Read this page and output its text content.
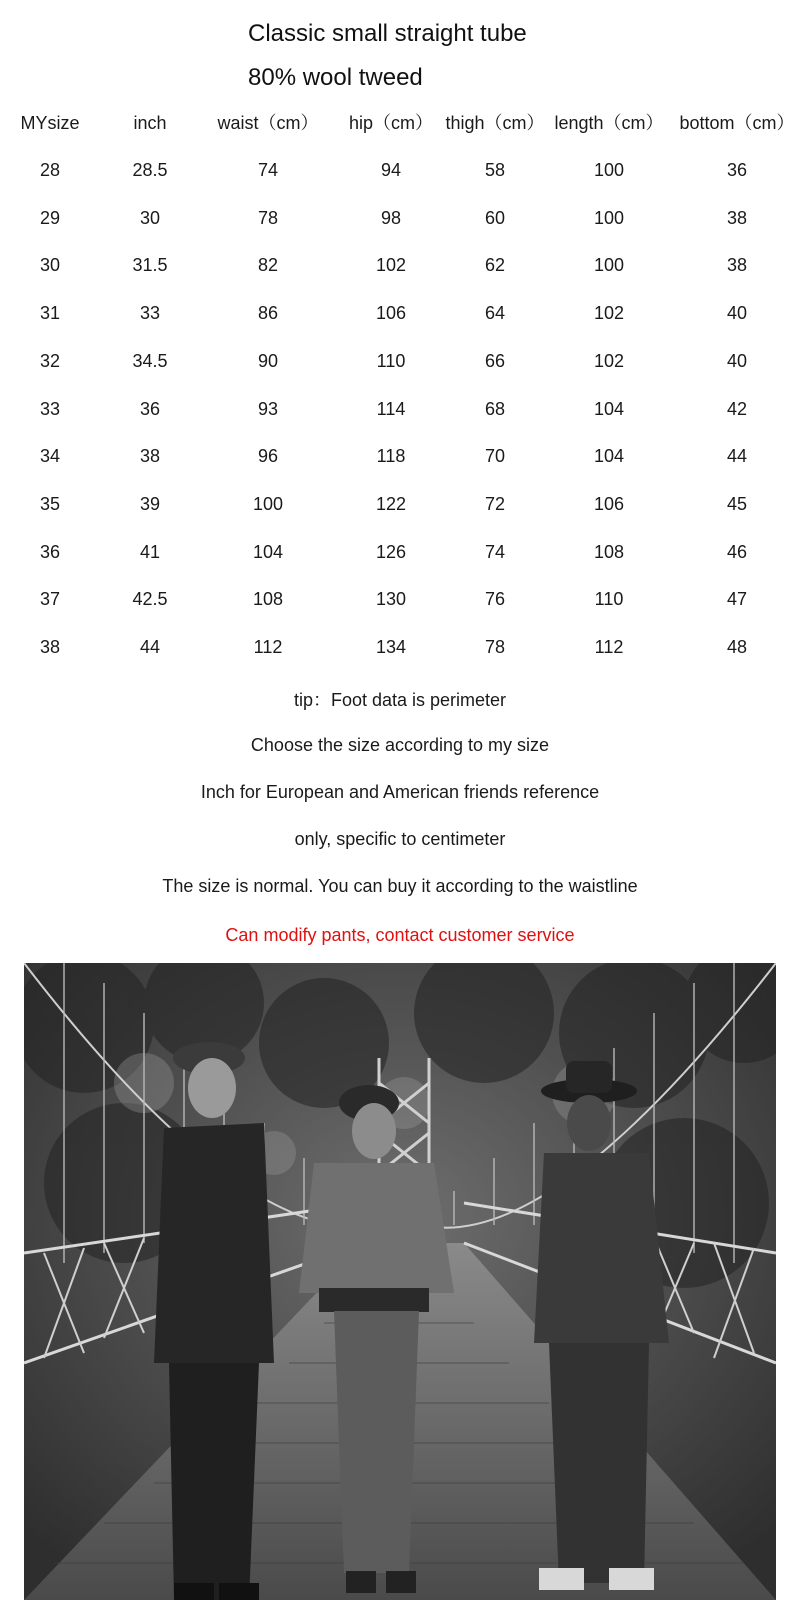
Classic small straight tube
80% wool tweed
MYsize	inch	waist（cm） hip（cm） thigh（cm） length（cm） bottom（cm）
28	28.5	74	94	58	100	36
29	30	78	98	60	100	38
30	31.5	82	102	62	100	38
31	33	86	106	64	102	40
32	34.5	90	110	66	102	40
33	36	93	114	68	104	42
34	38	96	118	70	104	44
35	39	100	122	72	106	45
36	41	104	126	74	108	46
37	42.5	108	130	76	110	47
38	44	112	134	78	112	48
tip：Foot data is perimeter
Choose the size according to my size
Inch for European and American friends reference
only, specific to centimeter
The size is normal. You can buy it according to the waistline
Can modify pants, contact customer service
